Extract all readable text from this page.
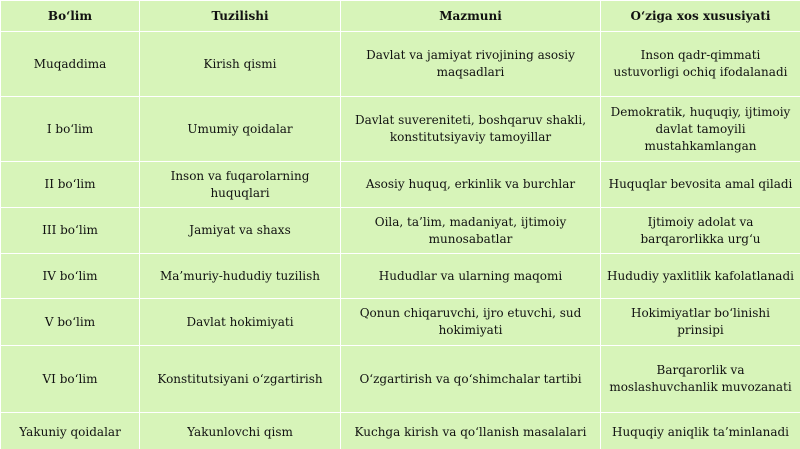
Bo‘lim	Tuzilishi	Mazmuni	O‘ziga xos xususiyati
Muqaddima	Kirish qismi	Davlat va jamiyat rivojining asosiy maqsadlari	Inson qadr-qimmati ustuvorligi ochiq ifodalanadi
I bo‘lim	Umumiy qoidalar	Davlat suvereniteti, boshqaruv shakli, konstitutsiyaviy tamoyillar	Demokratik, huquqiy, ijtimoiy davlat tamoyili mustahkamlangan
II bo‘lim	Inson va fuqarolarning huquqlari	Asosiy huquq, erkinlik va burchlar	Huquqlar bevosita amal qiladi
III bo‘lim	Jamiyat va shaxs	Oila, ta’lim, madaniyat, ijtimoiy munosabatlar	Ijtimoiy adolat va barqarorlikka urg‘u
IV bo‘lim	Ma’muriy-hududiy tuzilish	Hududlar va ularning maqomi	Hududiy yaxlitlik kafolatlanadi
V bo‘lim	Davlat hokimiyati	Qonun chiqaruvchi, ijro etuvchi, sud hokimiyati	Hokimiyatlar bo‘linishi prinsipi
VI bo‘lim	Konstitutsiyani o‘zgartirish	O‘zgartirish va qo‘shimchalar tartibi	Barqarorlik va moslashuvchanlik muvozanati
Yakuniy qoidalar	Yakunlovchi qism	Kuchga kirish va qo‘llanish masalalari	Huquqiy aniqlik ta’minlanadi
